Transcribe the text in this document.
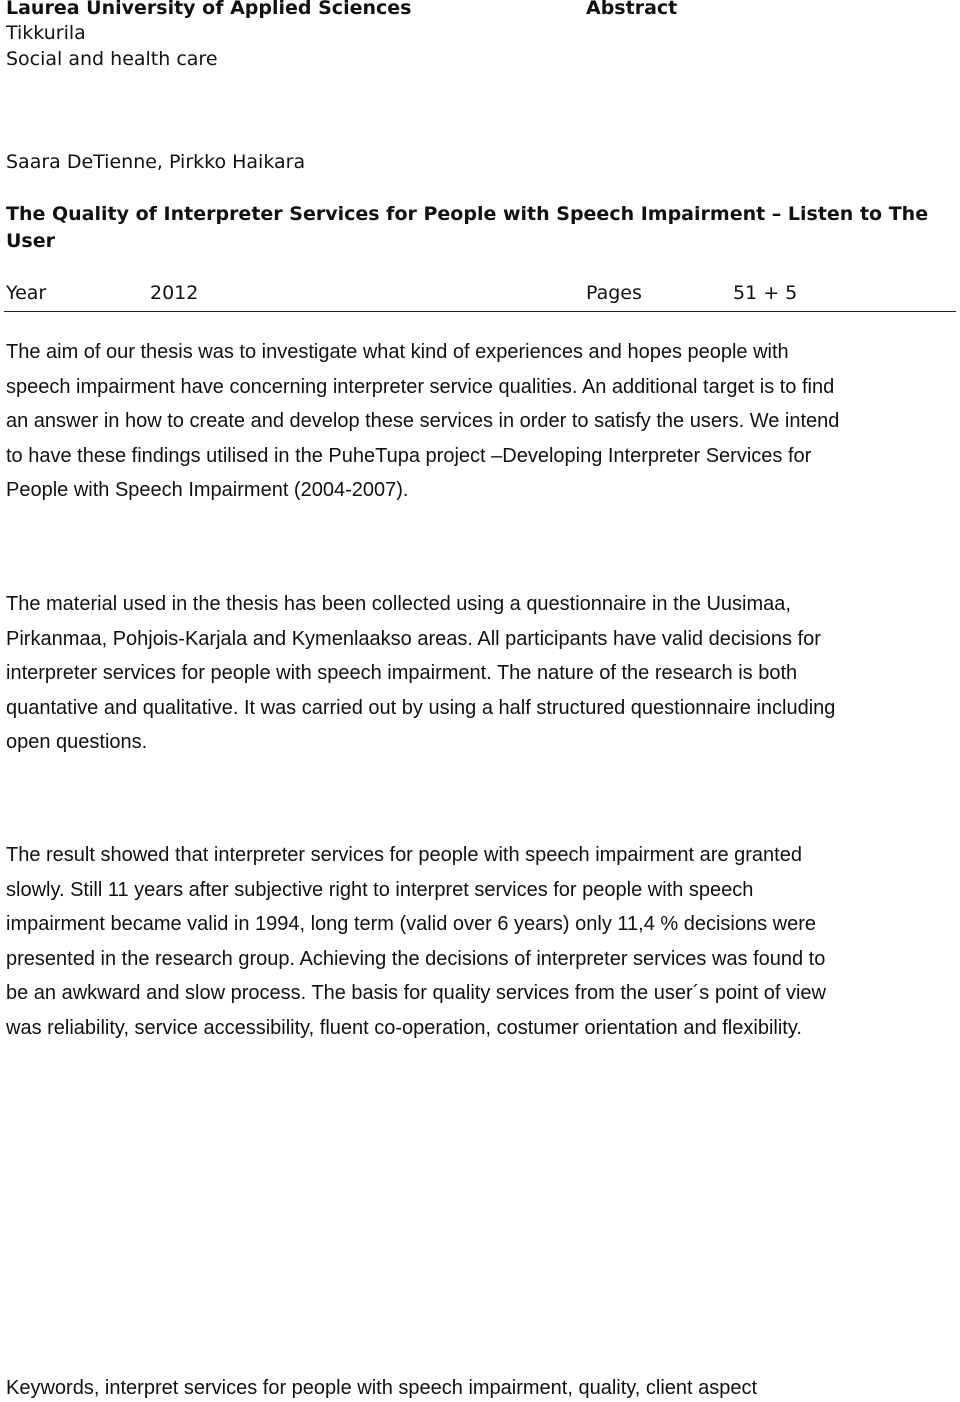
Laurea University of Applied Sciences	Abstract
Tikkurila
Social and health care
Saara DeTienne, Pirkko Haikara
The Quality of Interpreter Services for People with Speech Impairment – Listen to The
User
Year	2012	Pages	51 + 5
The aim of our thesis was to investigate what kind of experiences and hopes people with
speech impairment have concerning interpreter service qualities. An additional target is to find
an answer in how to create and develop these services in order to satisfy the users. We intend
to have these findings utilised in the PuheTupa project –Developing Interpreter Services for
People with Speech Impairment (2004-2007).
The material used in the thesis has been collected using a questionnaire in the Uusimaa,
Pirkanmaa, Pohjois-Karjala and Kymenlaakso areas. All participants have valid decisions for
interpreter services for people with speech impairment. The nature of the research is both
quantative and qualitative. It was carried out by using a half structured questionnaire including
open questions.
The result showed that interpreter services for people with speech impairment are granted
slowly. Still 11 years after subjective right to interpret services for people with speech
impairment became valid in 1994, long term (valid over 6 years) only 11,4 % decisions were
presented in the research group. Achieving the decisions of interpreter services was found to
be an awkward and slow process. The basis for quality services from the user´s point of view
was reliability, service accessibility, fluent co-operation, costumer orientation and flexibility.
Keywords, interpret services for people with speech impairment, quality, client aspect
